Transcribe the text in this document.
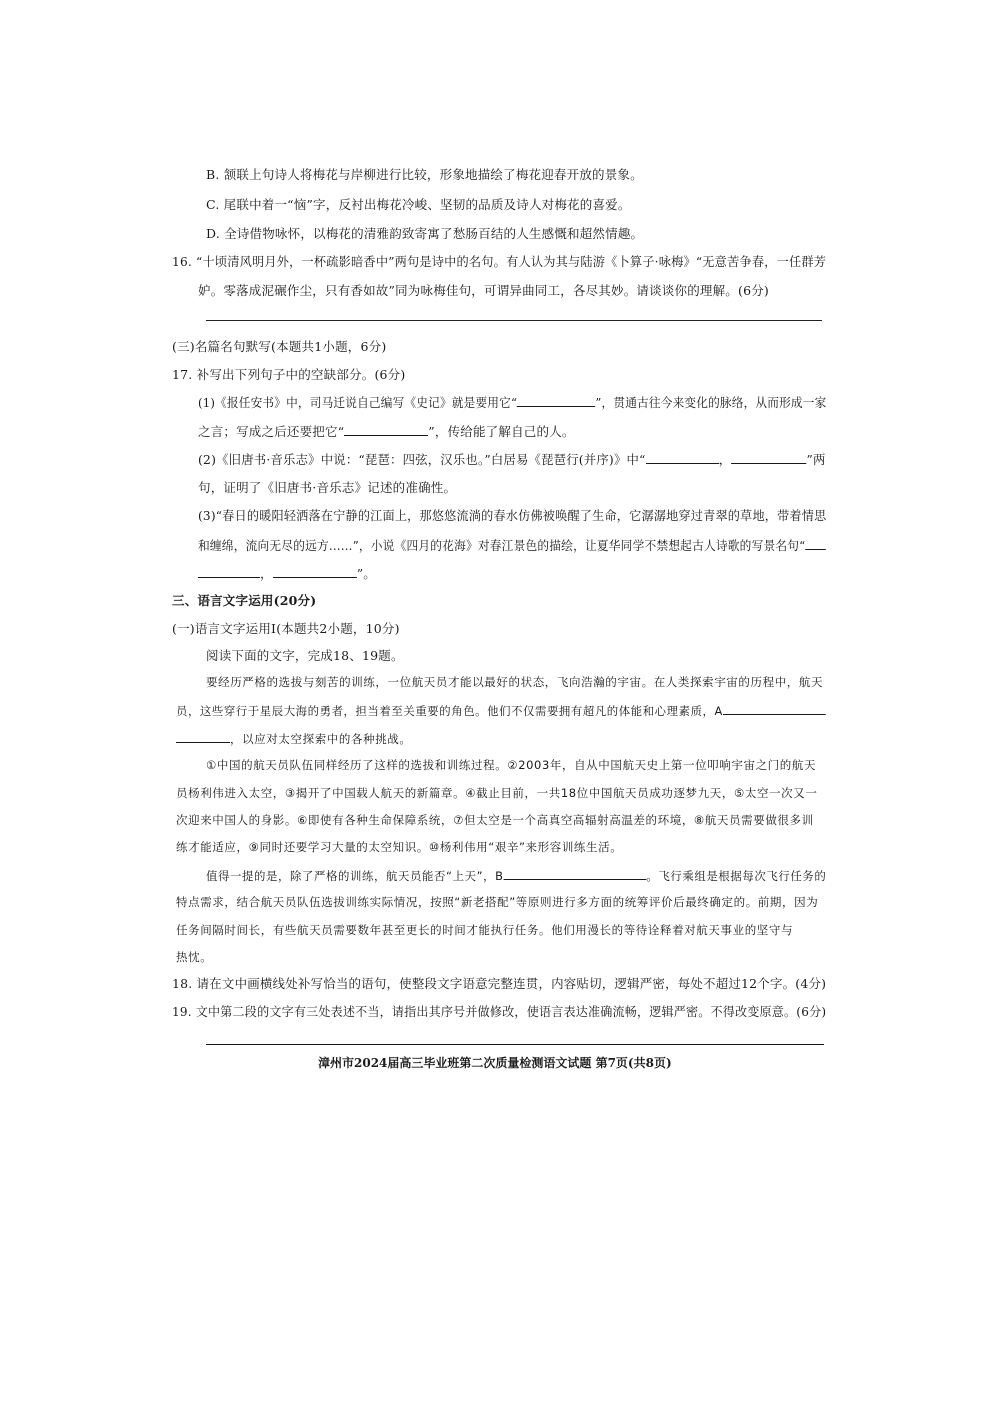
B. 颔联上句诗人将梅花与岸柳进行比较，形象地描绘了梅花迎春开放的景象。
C. 尾联中着一“恼”字，反衬出梅花冷峻、坚韧的品质及诗人对梅花的喜爱。
D. 全诗借物咏怀，以梅花的清雅韵致寄寓了愁肠百结的人生感慨和超然情趣。
16. “十顷清风明月外，一杯疏影暗香中”两句是诗中的名句。有人认为其与陆游《卜算子·咏梅》“无意苦争春，一任群芳
妒。零落成泥碾作尘，只有香如故”同为咏梅佳句，可谓异曲同工，各尽其妙。请谈谈你的理解。(6分)
(三)名篇名句默写(本题共1小题，6分)
17. 补写出下列句子中的空缺部分。(6分)
(1)《报任安书》中，司马迁说自己编写《史记》就是要用它“	”，贯通古往今来变化的脉络，从而形成一家
之言；写成之后还要把它“	”，传给能了解自己的人。
(2)《旧唐书·音乐志》中说：“琵琶：四弦，汉乐也。”白居易《琵琶行(并序)》中“	，	”两
句，证明了《旧唐书·音乐志》记述的准确性。
(3)“春日的暖阳轻洒落在宁静的江面上，那悠悠流淌的春水仿佛被唤醒了生命，它潺潺地穿过青翠的草地，带着情思
和缠绵，流向无尽的远方……”，小说《四月的花海》对春江景色的描绘，让夏华同学不禁想起古人诗歌的写景名句“
，	”。
三、语言文字运用(20分)
(一)语言文字运用Ⅰ(本题共2小题，10分)
阅读下面的文字，完成18、19题。
要经历严格的选拔与刻苦的训练，一位航天员才能以最好的状态，飞向浩瀚的宇宙。在人类探索宇宙的历程中，航天
员，这些穿行于星辰大海的勇者，担当着至关重要的角色。他们不仅需要拥有超凡的体能和心理素质，A
，以应对太空探索中的各种挑战。
①中国的航天员队伍同样经历了这样的选拔和训练过程。②2003年，自从中国航天史上第一位叩响宇宙之门的航天
员杨利伟进入太空，③揭开了中国载人航天的新篇章。④截止目前，一共18位中国航天员成功逐梦九天，⑤太空一次又一
次迎来中国人的身影。⑥即使有各种生命保障系统，⑦但太空是一个高真空高辐射高温差的环境，⑧航天员需要做很多训
练才能适应，⑨同时还要学习大量的太空知识。⑩杨利伟用“艰辛”来形容训练生活。
值得一提的是，除了严格的训练，航天员能否“上天”，B	。飞行乘组是根据每次飞行任务的
特点需求，结合航天员队伍选拔训练实际情况，按照“新老搭配”等原则进行多方面的统筹评价后最终确定的。前期，因为
任务间隔时间长，有些航天员需要数年甚至更长的时间才能执行任务。他们用漫长的等待诠释着对航天事业的坚守与
热忱。
18. 请在文中画横线处补写恰当的语句，使整段文字语意完整连贯，内容贴切，逻辑严密，每处不超过12个字。(4分)
19. 文中第二段的文字有三处表述不当，请指出其序号并做修改，使语言表达准确流畅，逻辑严密。不得改变原意。(6分)
漳州市2024届高三毕业班第二次质量检测语文试题 第7页(共8页)
